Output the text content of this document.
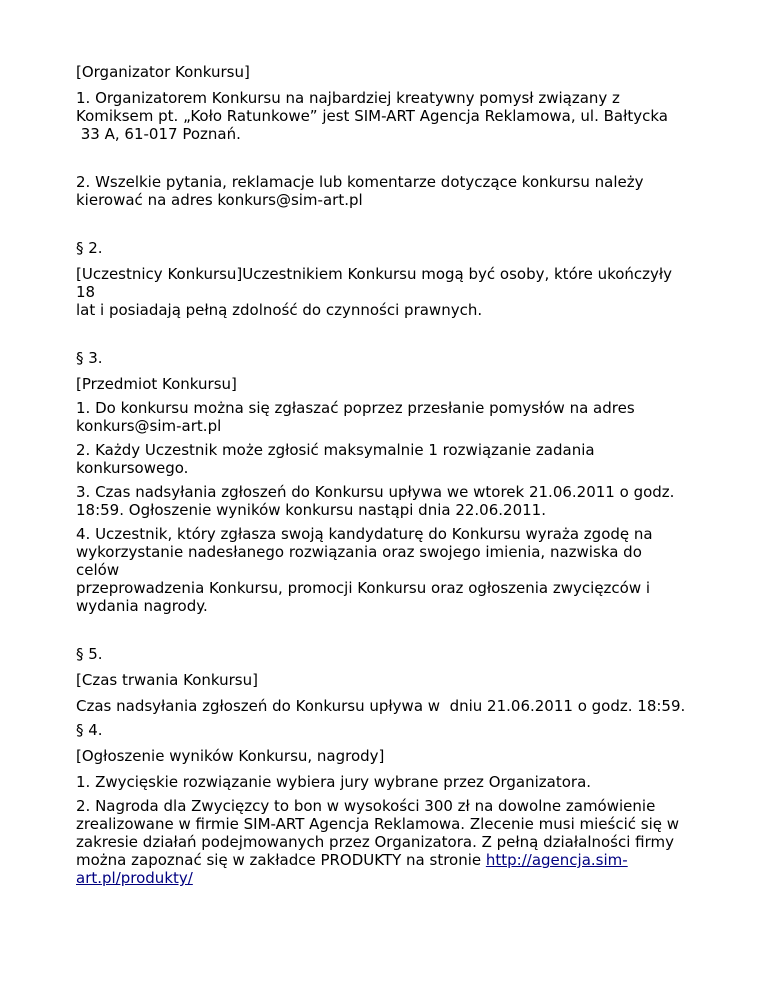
[Organizator Konkursu]

1. Organizatorem Konkursu na najbardziej kreatywny pomysł związany z
Komiksem pt. „Koło Ratunkowe” jest SIM-ART Agencja Reklamowa, ul. Bałtycka
33 A, 61-017 Poznań.

2. Wszelkie pytania, reklamacje lub komentarze dotyczące konkursu należy
kierować na adres konkurs@sim-art.pl

§ 2.

[Uczestnicy Konkursu]Uczestnikiem Konkursu mogą być osoby, które ukończyły 18
lat i posiadają pełną zdolność do czynności prawnych.

§ 3.

[Przedmiot Konkursu]

1. Do konkursu można się zgłaszać poprzez przesłanie pomysłów na adres
konkurs@sim-art.pl

2. Każdy Uczestnik może zgłosić maksymalnie 1 rozwiązanie zadania
konkursowego.

3. Czas nadsyłania zgłoszeń do Konkursu upływa we wtorek 21.06.2011 o godz.
18:59. Ogłoszenie wyników konkursu nastąpi dnia 22.06.2011.

4. Uczestnik, który zgłasza swoją kandydaturę do Konkursu wyraża zgodę na
wykorzystanie nadesłanego rozwiązania oraz swojego imienia, nazwiska do celów
przeprowadzenia Konkursu, promocji Konkursu oraz ogłoszenia zwycięzców i
wydania nagrody.

§ 5.

[Czas trwania Konkursu]

Czas nadsyłania zgłoszeń do Konkursu upływa w  dniu 21.06.2011 o godz. 18:59.

§ 4.

[Ogłoszenie wyników Konkursu, nagrody]

1. Zwycięskie rozwiązanie wybiera jury wybrane przez Organizatora.

2. Nagroda dla Zwycięzcy to bon w wysokości 300 zł na dowolne zamówienie
zrealizowane w firmie SIM-ART Agencja Reklamowa. Zlecenie musi mieścić się w
zakresie działań podejmowanych przez Organizatora. Z pełną działalności firmy
można zapoznać się w zakładce PRODUKTY na stronie http://agencja.sim-
art.pl/produkty/
